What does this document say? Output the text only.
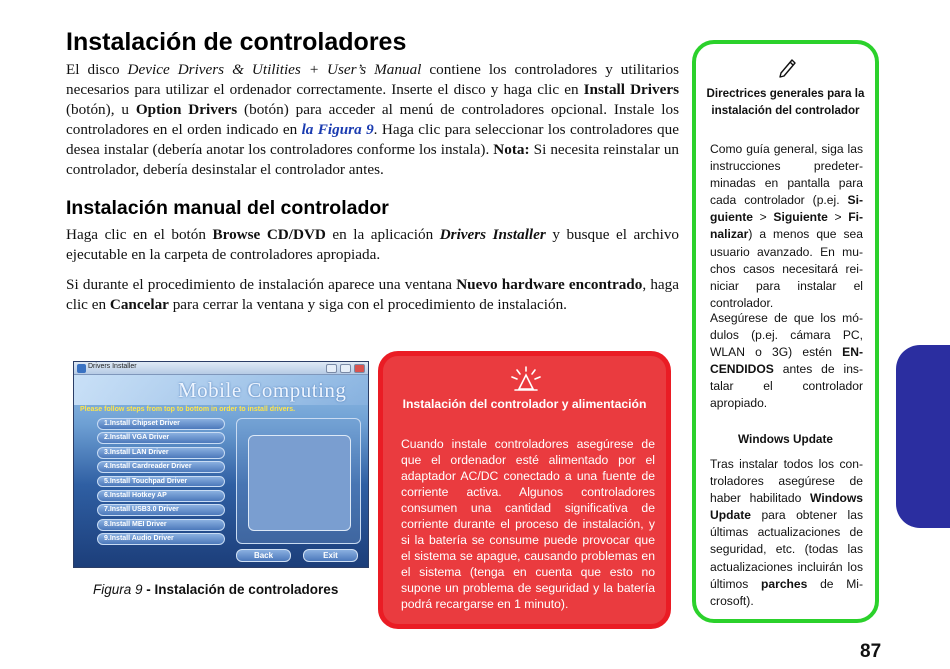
Instalación de controladores

El disco Device Drivers & Utilities + User’s Manual contiene los controladores y utilitarios necesarios para utilizar el ordenador correctamente. Inserte el disco y haga clic en Install Drivers (botón), u Option Drivers (botón) para acceder al menú de controladores opcional. Instale los controladores en el orden indicado en la Figura 9. Haga clic para seleccionar los controladores que desea instalar (debería anotar los controladores conforme los instala). Nota: Si necesita reinstalar un controlador, debería desinstalar el controlador antes.

Instalación manual del controlador

Haga clic en el botón Browse CD/DVD en la aplicación Drivers Installer y busque el archivo ejecutable en la carpeta de controladores apropiada.

Si durante el procedimiento de instalación aparece una ventana Nuevo hardware encontrado, haga clic en Cancelar para cerrar la ventana y siga con el procedimiento de instalación.

Drivers Installer
Mobile Computing
Please follow steps from top to bottom in order to install drivers.
1.Install Chipset Driver
2.Install VGA Driver
3.Install LAN Driver
4.Install Cardreader Driver
5.Install Touchpad Driver
6.Install Hotkey AP
7.Install USB3.0 Driver
8.Install MEI Driver
9.Install Audio Driver
Back	Exit
Figura 9 - Instalación de controladores
Instalación del controlador y alimentación
Cuando instale controladores asegúrese de que el ordenador esté alimentado por el adaptador AC/DC conectado a una fuente de corriente activa. Algunos controladores consumen una cantidad significativa de corriente durante el proceso de instalación, y si la batería se consume puede provocar que el sistema se apague, causando problemas en el sistema (tenga en cuenta que esto no supone un problema de seguridad y la batería podrá recargarse en 1 minuto).
Directrices generales para la instalación del controlador

Como guía general, siga las instrucciones predeter-minadas en pantalla para cada controlador (p.ej. Si-guiente > Siguiente > Fi-nalizar) a menos que sea usuario avanzado. En mu-chos casos necesitará rei-niciar para instalar el controlador.

Asegúrese de que los mó-dulos (p.ej. cámara PC, WLAN o 3G) estén EN-CENDIDOS antes de ins-talar el controlador apropiado.

Windows Update

Tras instalar todos los con-troladores asegúrese de haber habilitado Windows Update para obtener las últimas actualizaciones de seguridad, etc. (todas las actualizaciones incluirán los últimos parches de Mi-crosoft).

Español
87
